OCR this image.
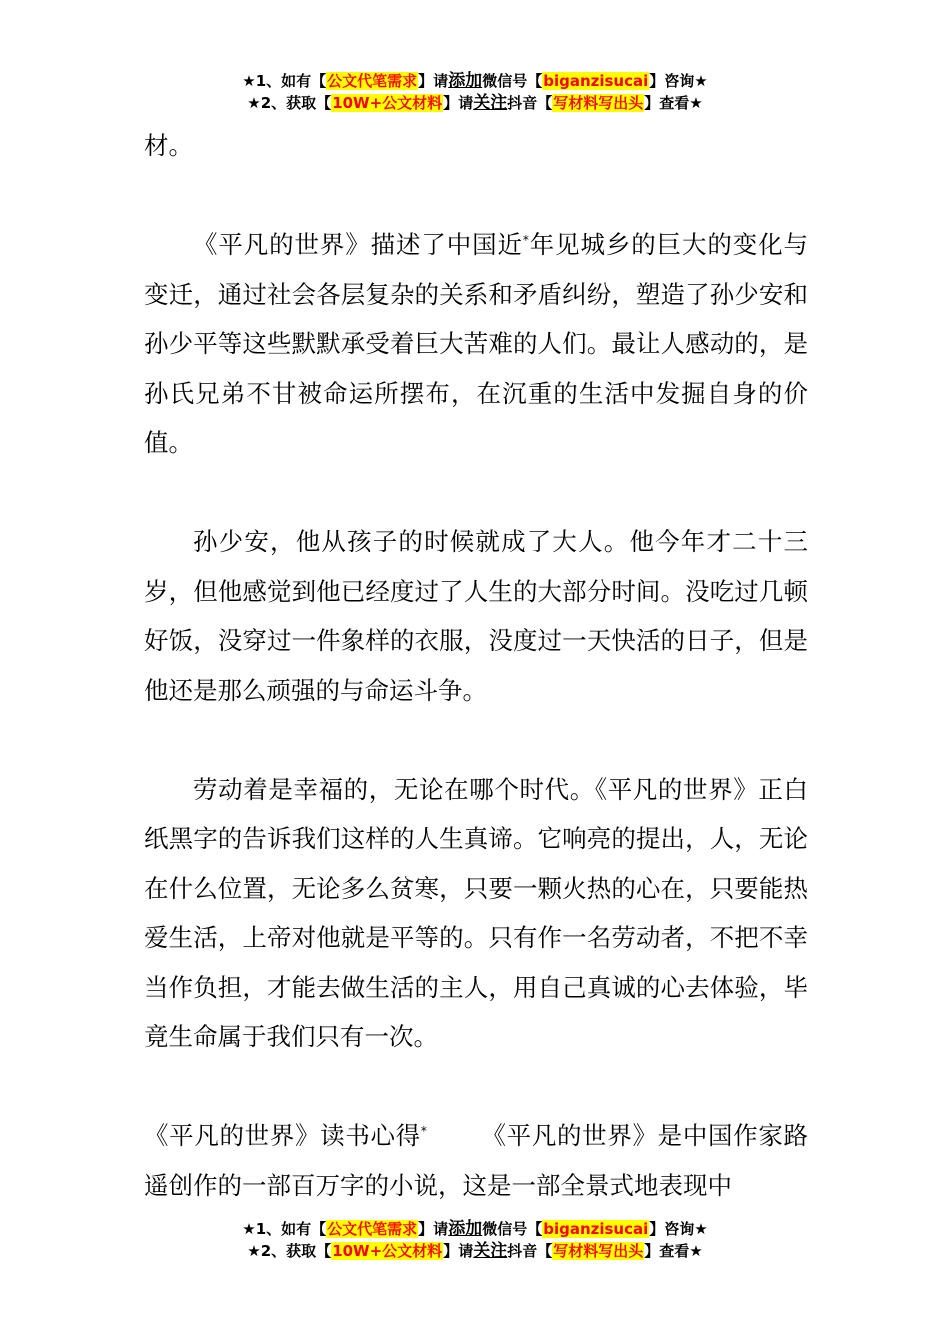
★1、如有【公文代笔需求】请添加微信号【biganzisucai】咨询★
★2、获取【10W+公文材料】请关注抖音【写材料写出头】查看★

材。

《平凡的世界》描述了中国近*年见城乡的巨大的变化与变迁，通过社会各层复杂的关系和矛盾纠纷，塑造了孙少安和孙少平等这些默默承受着巨大苦难的人们。最让人感动的，是孙氏兄弟不甘被命运所摆布，在沉重的生活中发掘自身的价值。

孙少安，他从孩子的时候就成了大人。他今年才二十三岁，但他感觉到他已经度过了人生的大部分时间。没吃过几顿好饭，没穿过一件象样的衣服，没度过一天快活的日子，但是他还是那么顽强的与命运斗争。

劳动着是幸福的，无论在哪个时代。《平凡的世界》正白纸黑字的告诉我们这样的人生真谛。它响亮的提出，人，无论在什么位置，无论多么贫寒，只要一颗火热的心在，只要能热爱生活，上帝对他就是平等的。只有作一名劳动者，不把不幸当作负担，才能去做生活的主人，用自己真诚的心去体验，毕竟生命属于我们只有一次。

《平凡的世界》读书心得* 《平凡的世界》是中国作家路遥创作的一部百万字的小说，这是一部全景式地表现中

★1、如有【公文代笔需求】请添加微信号【biganzisucai】咨询★
★2、获取【10W+公文材料】请关注抖音【写材料写出头】查看★
